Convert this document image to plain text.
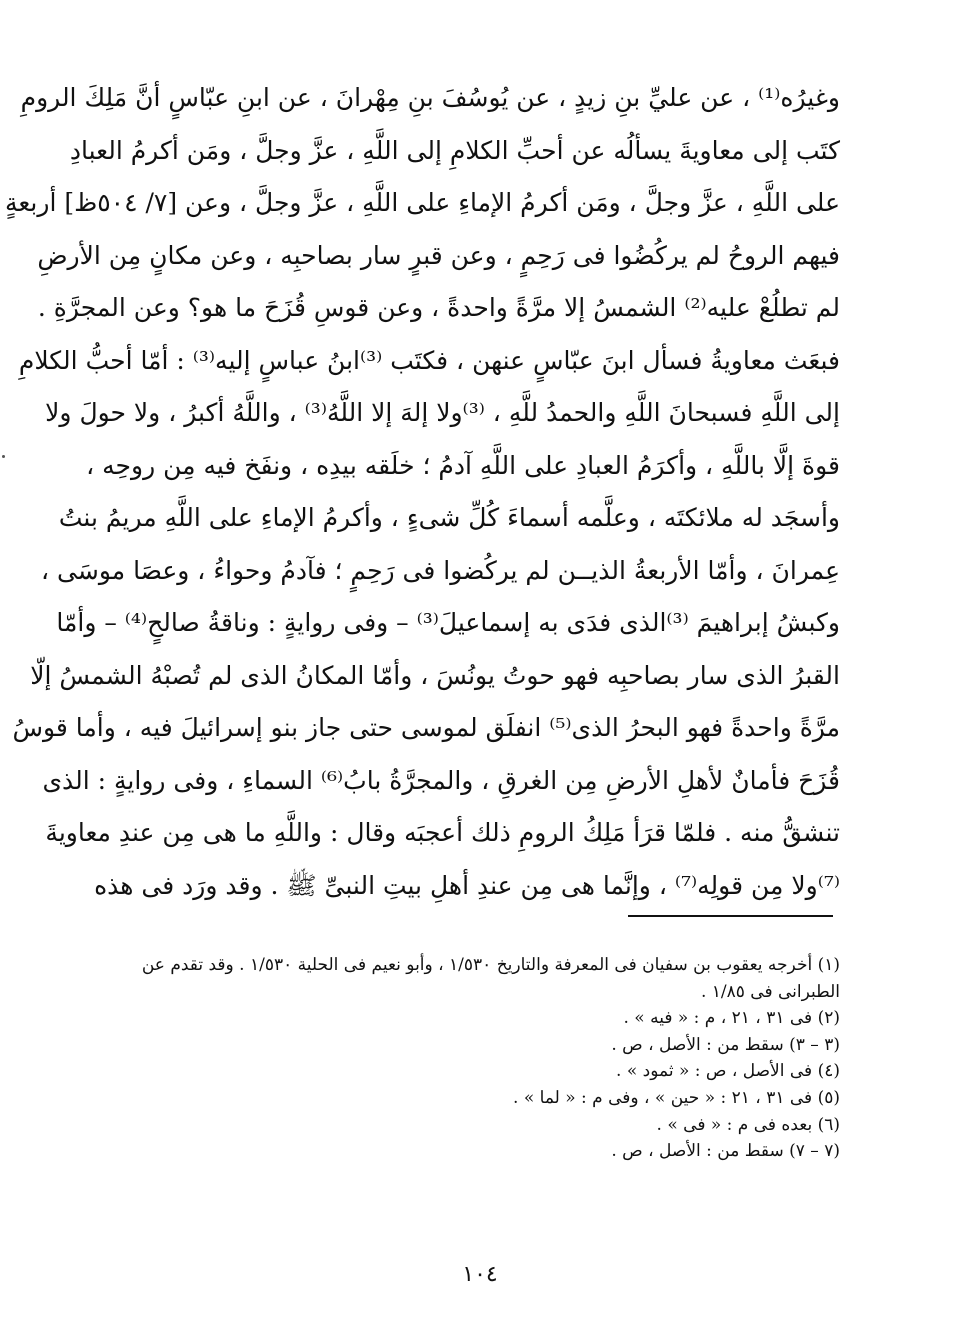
وغيرُه⁽¹⁾ ، عن عليِّ بنِ زيدٍ ، عن يُوسُفَ بنِ مِهْرانَ ، عن ابنِ عبّاسٍ أنَّ مَلِكَ الرومِ
كتَب إلى معاويةَ يسألُه عن أحبِّ الكلامِ إلى اللَّهِ ، عزَّ وجلَّ ، ومَن أكرمُ العبادِ
على اللَّهِ ، عزَّ وجلَّ ، ومَن أكرمُ الإماءِ على اللَّهِ ، عزَّ وجلَّ ، وعن [٧/ ٥٠٤ظ] أربعةٍ
فيهم الروحُ لم يركُضُوا فى رَحِمٍ ، وعن قبرٍ سار بصاحبِه ، وعن مكانٍ مِن الأرضِ
لم تطلُعْ عليه⁽²⁾ الشمسُ إلا مرَّةً واحدةً ، وعن قوسِ قُزَحَ ما هو؟ وعن المجرَّةِ .
فبعَث معاويةُ فسأل ابنَ عبّاسٍ عنهن ، فكتَب ⁽³⁾ابنُ عباسٍ إليه⁽³⁾ : أمّا أحبُّ الكلامِ
إلى اللَّهِ فسبحانَ اللَّهِ والحمدُ للَّهِ ، ⁽³⁾ولا إلهَ إلا اللَّهُ⁽³⁾ ، واللَّهُ أكبرُ ، ولا حولَ ولا
قوةَ إلَّا باللَّهِ ، وأكرَمُ العبادِ على اللَّهِ آدمُ ؛ خلَقه بيدِه ، ونفَخ فيه مِن روحِه ،
وأسجَد له ملائكتَه ، وعلَّمه أسماءَ كُلِّ شىءٍ ، وأكرمُ الإماءِ على اللَّهِ مريمُ بنتُ
عِمرانَ ، وأمّا الأربعةُ الذيــن لم يركُضوا فى رَحِمٍ ؛ فآدمُ وحواءُ ، وعصَا موسَى ،
وكبشُ إبراهيمَ ⁽³⁾الذى فدَى به إسماعيلَ⁽³⁾ – وفى روايةٍ : وناقةُ صالحٍ⁽⁴⁾ – وأمّا
القبرُ الذى سار بصاحبِه فهو حوتُ يونُسَ ، وأمّا المكانُ الذى لم تُصبْهُ الشمسُ إلّا
مرَّةً واحدةً فهو البحرُ الذى⁽⁵⁾ انفلَق لموسى حتى جاز بنو إسرائيلَ فيه ، وأما قوسُ
قُزَحَ فأمانٌ لأهلِ الأرضِ مِن الغرقِ ، والمجرَّةُ بابُ⁽⁶⁾ السماءِ ، وفى روايةٍ : الذى
تنشقُّ منه . فلمّا قرَأ مَلِكُ الرومِ ذلك أعجبَه وقال : واللَّهِ ما هى مِن عندِ معاويةَ
⁽⁷⁾ولا مِن قولِه⁽⁷⁾ ، وإنَّما هى مِن عندِ أهلِ بيتِ النبىِّ ﷺ . وقد ورَد فى هذه
(١) أخرجه يعقوب بن سفيان فى المعرفة والتاريخ ١/٥٣٠ ، وأبو نعيم فى الحلية ١/٥٣٠ . وقد تقدم عن
الطبرانى فى ١/٨٥ .
(٢) فى ٣١ ، ٢١ ، م : « فيه » .
(٣ – ٣) سقط من : الأصل ، ص .
(٤) فى الأصل ، ص : « ثمود » .
(٥) فى ٣١ ، ٢١ : « حين » ، وفى م : « لما » .
(٦) بعده فى م : « فى » .
(٧ – ٧) سقط من : الأصل ، ص .
١٠٤
